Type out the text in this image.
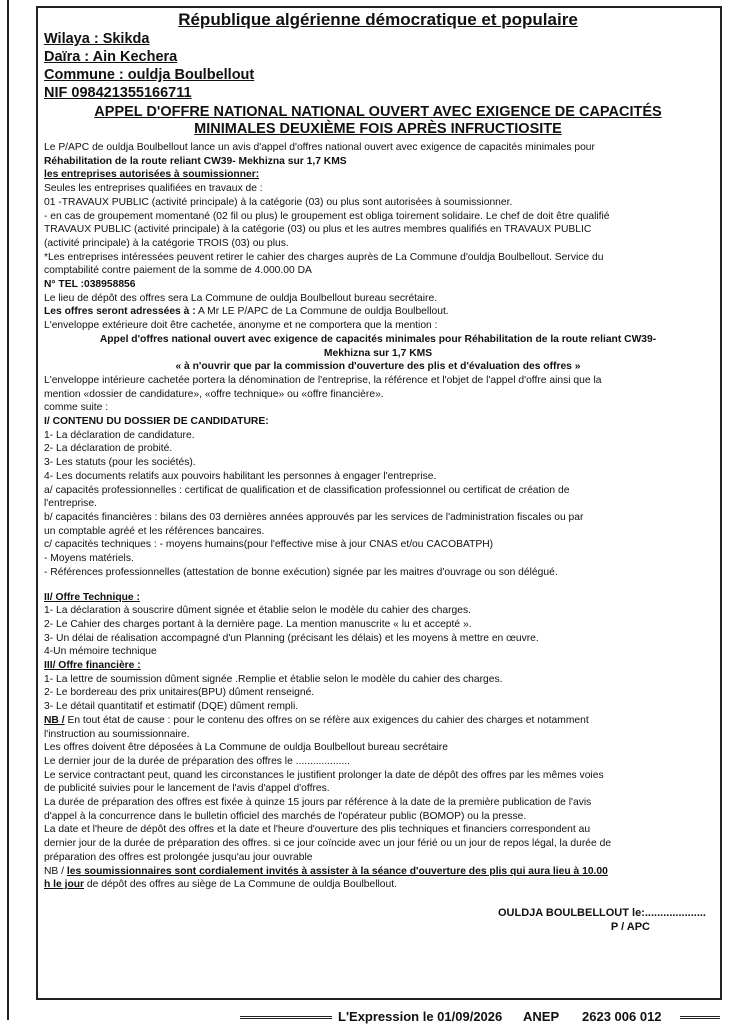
République algérienne démocratique et populaire

Wilaya : Skikda

Daïra : Ain Kechera

Commune : ouldja Boulbellout

NIF 098421355166711

APPEL D'OFFRE NATIONAL NATIONAL OUVERT AVEC EXIGENCE DE CAPACITÉS
MINIMALES DEUXIÈME FOIS APRÈS INFRUCTIOSITE

Le P/APC de ouldja Boulbellout lance un avis d'appel d'offres national ouvert avec exigence de capacités minimales pour

Réhabilitation de la route reliant CW39- Mekhizna sur 1,7 KMS

les entreprises autorisées à soumissionner:

Seules les entreprises qualifiées en travaux de :

01 -TRAVAUX PUBLIC (activité principale) à la catégorie (03) ou plus sont autorisées à soumissionner.

- en cas de groupement momentané (02 fil ou plus) le groupement est obliga toirement solidaire. Le chef de doit être qualifié

TRAVAUX PUBLIC (activité principale) à la catégorie (03) ou plus et les autres membres qualifiés en TRAVAUX PUBLIC

(activité principale) à la catégorie TROIS (03) ou plus.

*Les entreprises intéressées peuvent retirer le cahier des charges auprès de La Commune d'ouldja Boulbellout. Service du

comptabilité contre paiement de la somme de 4.000.00 DA

N° TEL :038958856

Le lieu de dépôt des offres sera La Commune de ouldja Boulbellout bureau secrétaire.

Les offres seront adressées à : A Mr LE P/APC de La Commune de ouldja Boulbellout.

L'enveloppe extérieure doit être cachetée, anonyme et ne comportera que la mention :

Appel d'offres national ouvert avec exigence de capacités minimales pour Réhabilitation de la route reliant CW39-

Mekhizna sur 1,7 KMS

« à n'ouvrir que par la commission d'ouverture des plis et d'évaluation des offres »

L'enveloppe intérieure cachetée portera la dénomination de l'entreprise, la référence et l'objet de l'appel d'offre ainsi que la

mention «dossier de candidature», «offre technique» ou «offre financière».

comme suite :

I/ CONTENU DU DOSSIER DE CANDIDATURE:

1- La déclaration de candidature.

2- La déclaration de probité.

3- Les statuts (pour les sociétés).

4- Les documents relatifs aux pouvoirs habilitant les personnes à engager l'entreprise.

a/ capacités professionnelles : certificat de qualification et de classification professionnel ou certificat de création de

l'entreprise.

b/ capacités financières : bilans des 03 dernières années approuvés par les services de l'administration fiscales ou par

un comptable agréé et les références bancaires.

c/ capacités techniques : - moyens humains(pour l'effective mise à jour CNAS et/ou CACOBATPH)

- Moyens matériels.

- Références professionnelles (attestation de bonne exécution) signée par les maitres d'ouvrage ou son délégué.

II/ Offre Technique :

1- La déclaration à souscrire dûment signée et établie selon le modèle du cahier des charges.

2- Le Cahier des charges portant à la dernière page. La mention manuscrite « lu et accepté ».

3- Un délai de réalisation accompagné d'un Planning (précisant les délais) et les moyens à mettre en œuvre.

4-Un mémoire technique

III/ Offre financière :

1- La lettre de soumission dûment signée .Remplie et établie selon le modèle du cahier des charges.

2- Le bordereau des prix unitaires(BPU) dûment renseigné.

3- Le détail quantitatif et estimatif (DQE) dûment rempli.

NB / En tout état de cause : pour le contenu des offres on se réfère aux exigences du cahier des charges et notamment

l'instruction au soumissionnaire.

Les offres doivent être déposées à La Commune de ouldja Boulbellout bureau secrétaire

Le dernier jour de la durée de préparation des offres le ...................

Le service contractant peut, quand les circonstances le justifient prolonger la date de dépôt des offres par les mêmes voies

de publicité suivies pour le lancement de l'avis d'appel d'offres.

La durée de préparation des offres est fixée à quinze 15 jours par référence à la date de la première publication de l'avis

d'appel à la concurrence dans le bulletin officiel des marchés de l'opérateur public (BOMOP) ou la presse.

La date et l'heure de dépôt des offres et la date et l'heure d'ouverture des plis techniques et financiers correspondent au

dernier jour de la durée de préparation des offres. si ce jour coïncide avec un jour férié ou un jour de repos légal, la durée de

préparation des offres est prolongée jusqu'au jour ouvrable

NB / les soumissionnaires sont cordialement invités à assister à la séance d'ouverture des plis qui aura lieu à 10.00

h le jour de dépôt des offres au siège de La Commune de ouldja Boulbellout.

OULDJA BOULBELLOUT le:....................
P / APC
L'Expression le 01/09/2026 ANEP 2623 006 012
